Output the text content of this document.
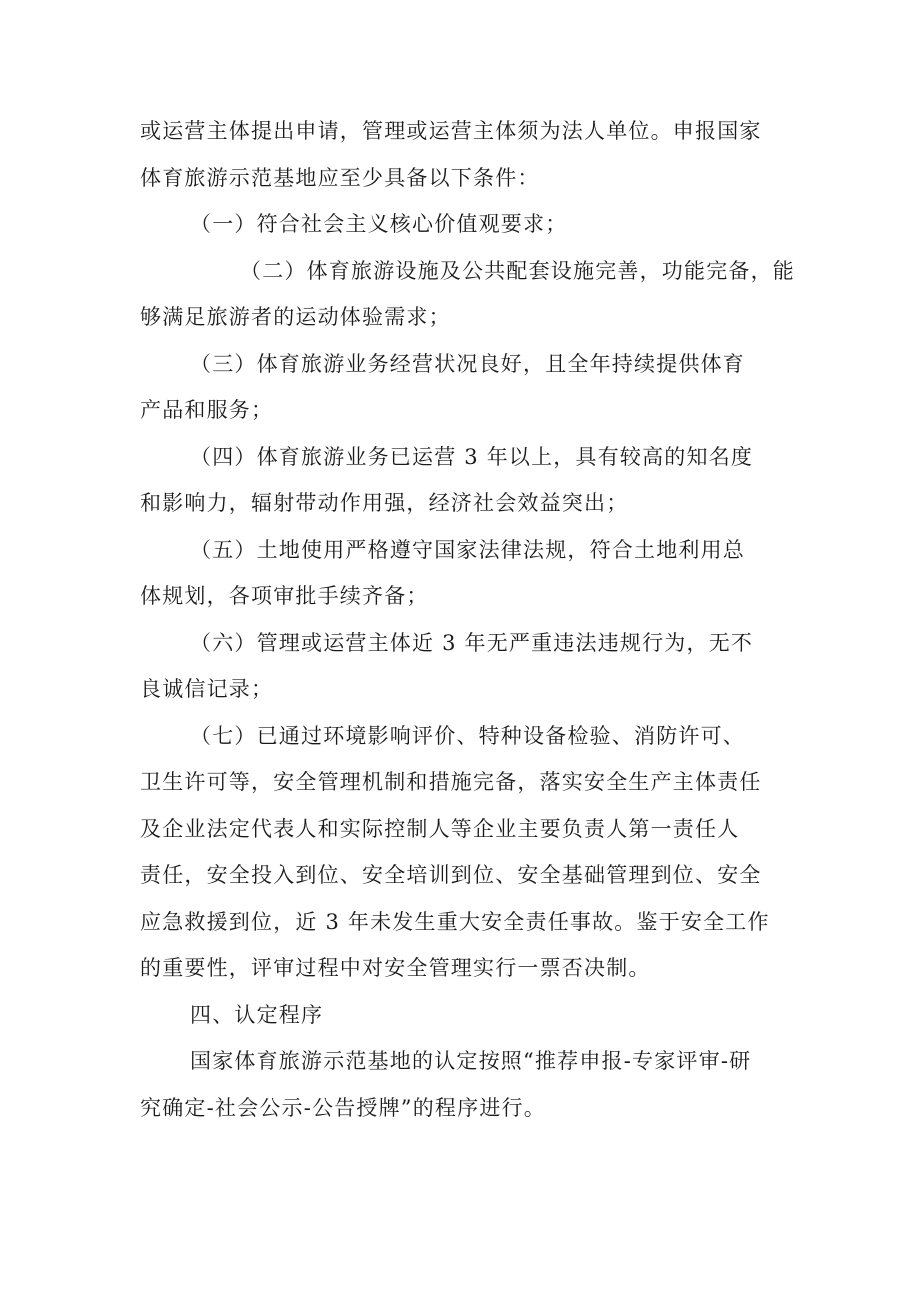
或运营主体提出申请，管理或运营主体须为法人单位。申报国家
体育旅游示范基地应至少具备以下条件：

（一）符合社会主义核心价值观要求；

（二）体育旅游设施及公共配套设施完善，功能完备，能
够满足旅游者的运动体验需求；

（三）体育旅游业务经营状况良好，且全年持续提供体育
产品和服务；

（四）体育旅游业务已运营 3 年以上，具有较高的知名度
和影响力，辐射带动作用强，经济社会效益突出；

（五）土地使用严格遵守国家法律法规，符合土地利用总
体规划，各项审批手续齐备；

（六）管理或运营主体近 3 年无严重违法违规行为，无不
良诚信记录；

（七）已通过环境影响评价、特种设备检验、消防许可、
卫生许可等，安全管理机制和措施完备，落实安全生产主体责任
及企业法定代表人和实际控制人等企业主要负责人第一责任人
责任，安全投入到位、安全培训到位、安全基础管理到位、安全
应急救援到位，近 3 年未发生重大安全责任事故。鉴于安全工作
的重要性，评审过程中对安全管理实行一票否决制。

四、认定程序

国家体育旅游示范基地的认定按照“推荐申报-专家评审-研
究确定-社会公示-公告授牌”的程序进行。
